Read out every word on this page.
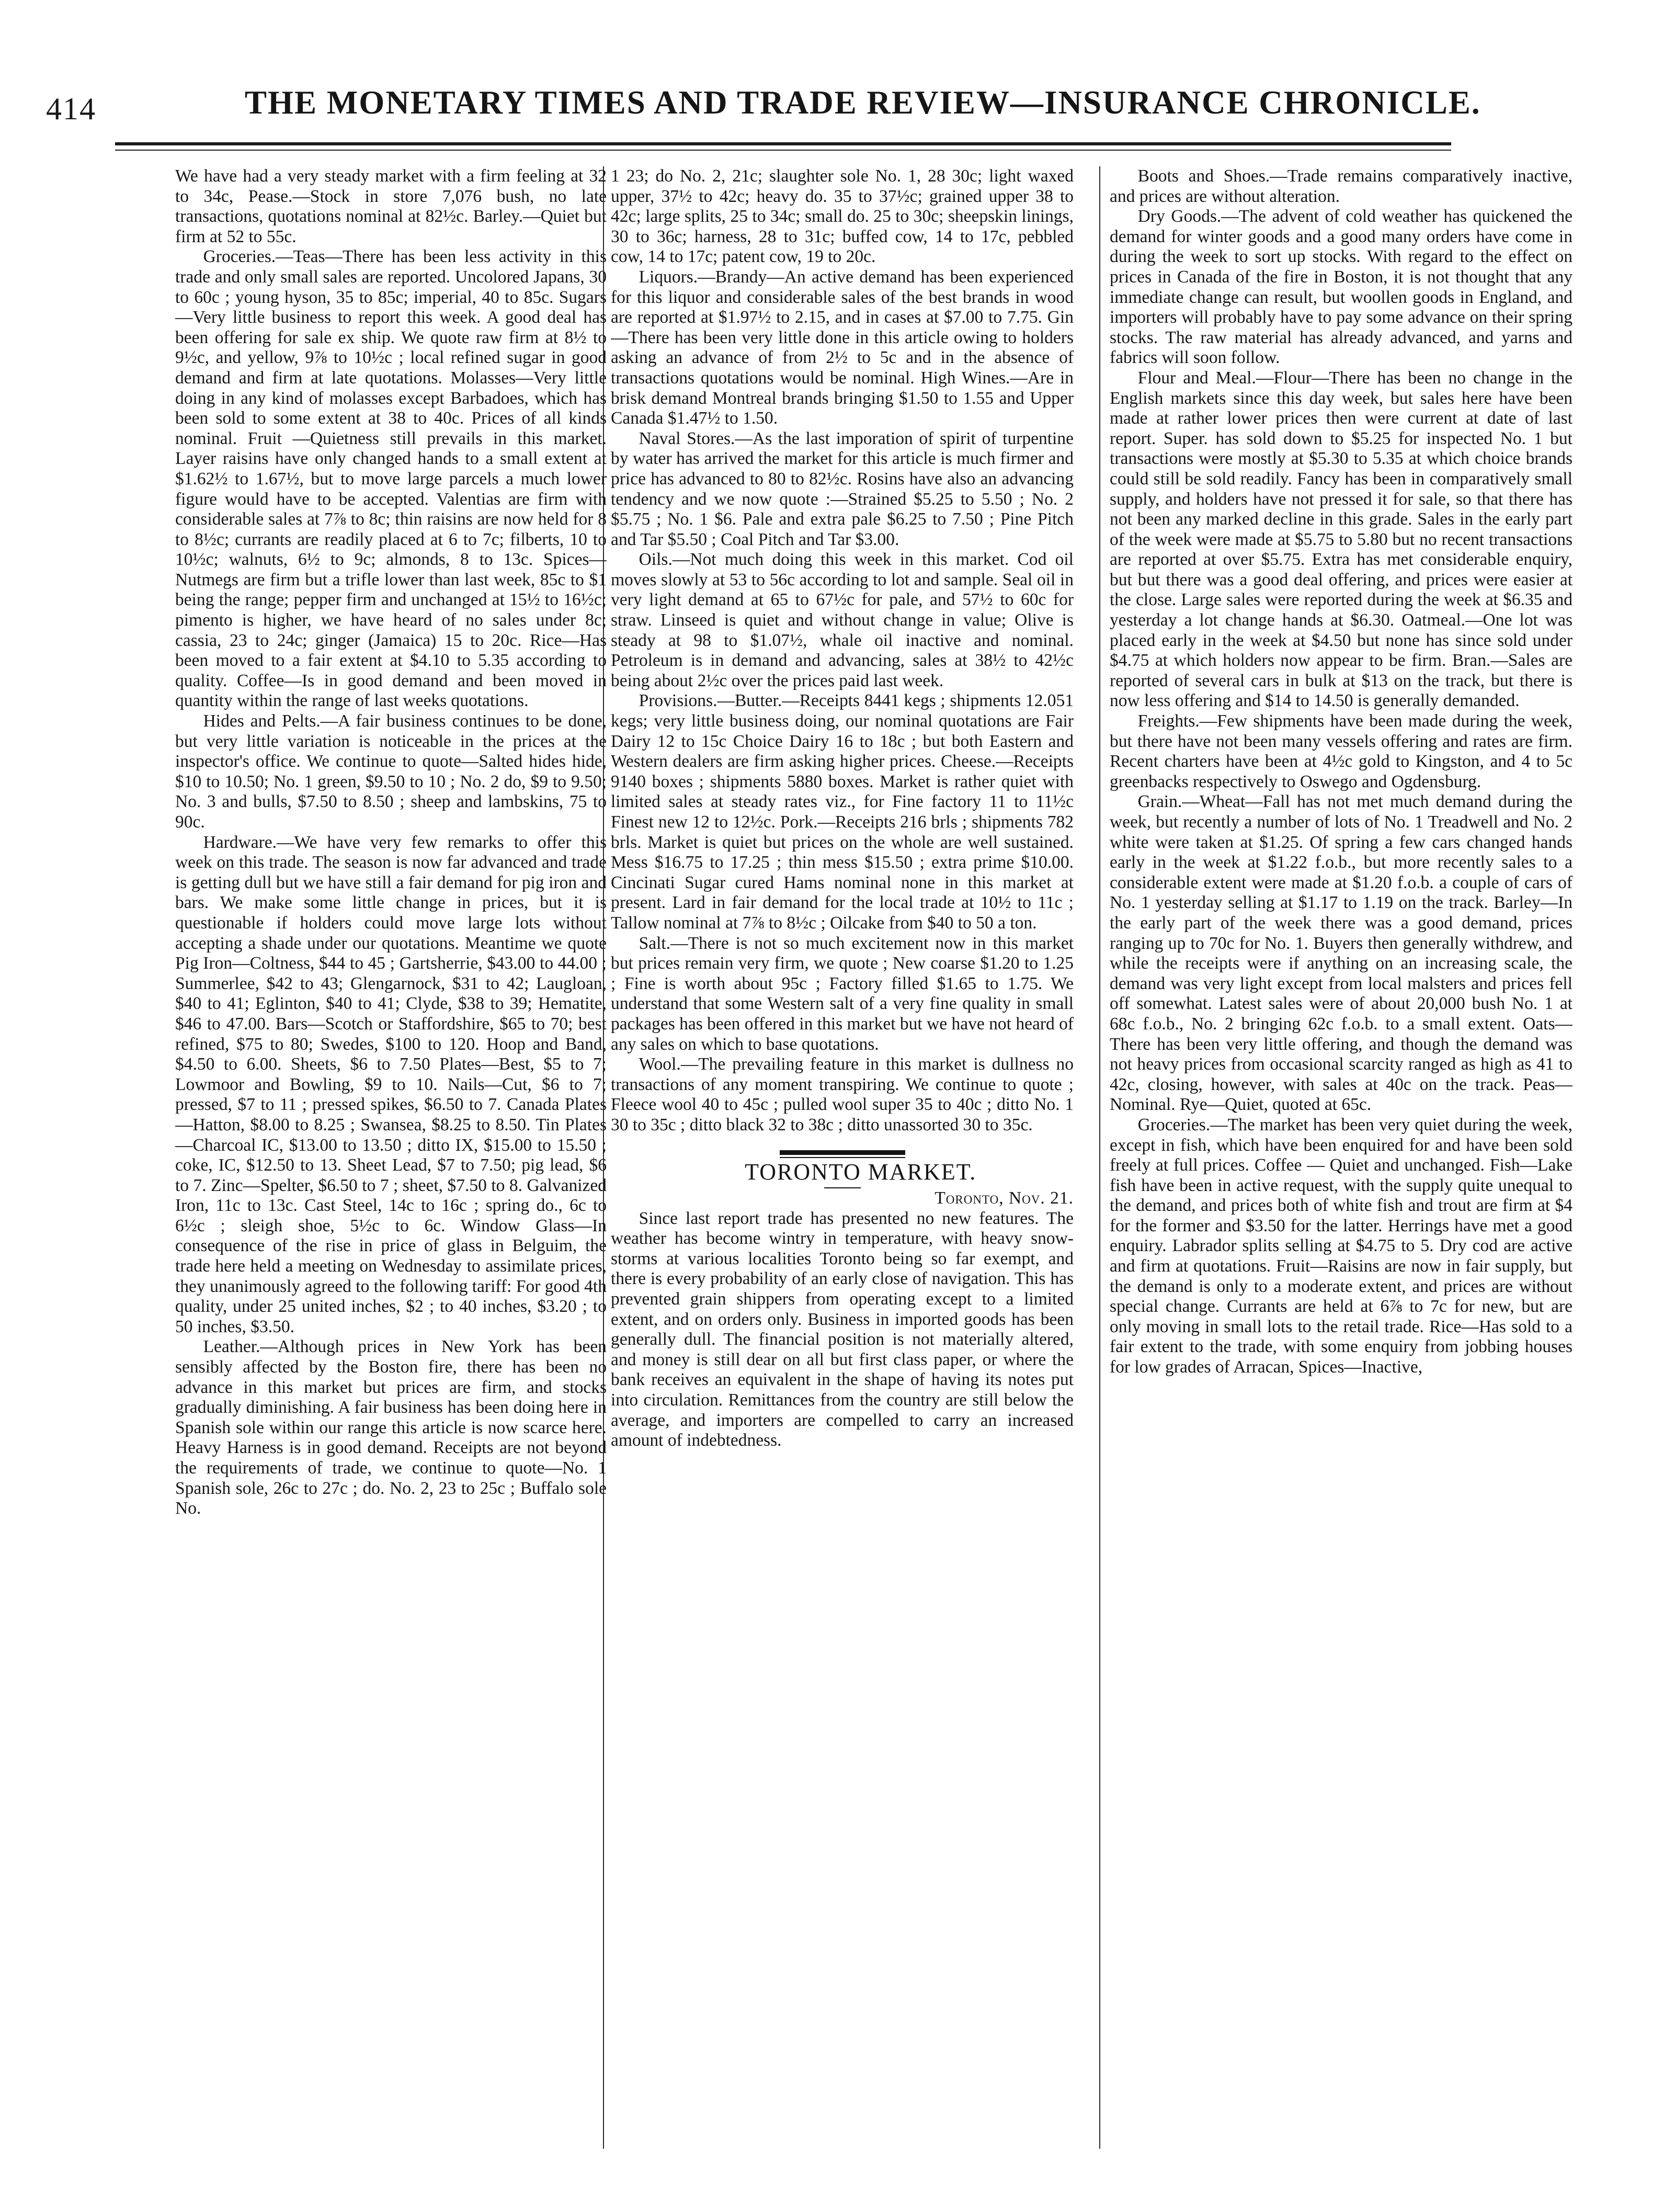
414	THE MONETARY TIMES AND TRADE REVIEW—INSURANCE CHRONICLE.

We have had a very steady market with a firm feeling at 32 to 34c, Pease.—Stock in store 7,076 bush, no late transactions, quotations nominal at 82½c. Barley.—Quiet but firm at 52 to 55c.

Groceries.—Teas—There has been less activity in this trade and only small sales are reported. Uncolored Japans, 30 to 60c ; young hyson, 35 to 85c; imperial, 40 to 85c. Sugars —Very little business to report this week. A good deal has been offering for sale ex ship. We quote raw firm at 8½ to 9½c, and yellow, 9⅞ to 10½c ; local refined sugar in good demand and firm at late quotations. Molasses—Very little doing in any kind of molasses except Barbadoes, which has been sold to some extent at 38 to 40c. Prices of all kinds nominal. Fruit —Quietness still prevails in this market. Layer raisins have only changed hands to a small extent at $1.62½ to 1.67½, but to move large parcels a much lower figure would have to be accepted. Valentias are firm with considerable sales at 7⅞ to 8c; thin raisins are now held for 8 to 8½c; currants are readily placed at 6 to 7c; filberts, 10 to 10½c; walnuts, 6½ to 9c; almonds, 8 to 13c. Spices—Nutmegs are firm but a trifle lower than last week, 85c to $1 being the range; pepper firm and unchanged at 15½ to 16½c; pimento is higher, we have heard of no sales under 8c; cassia, 23 to 24c; ginger (Jamaica) 15 to 20c. Rice—Has been moved to a fair extent at $4.10 to 5.35 according to quality. Coffee—Is in good demand and been moved in quantity within the range of last weeks quotations.

Hides and Pelts.—A fair business continues to be done, but very little variation is noticeable in the prices at the inspector's office. We continue to quote—Salted hides hide, $10 to 10.50; No. 1 green, $9.50 to 10 ; No. 2 do, $9 to 9.50; No. 3 and bulls, $7.50 to 8.50 ; sheep and lambskins, 75 to 90c.

Hardware.—We have very few remarks to offer this week on this trade. The season is now far advanced and trade is getting dull but we have still a fair demand for pig iron and bars. We make some little change in prices, but it is questionable if holders could move large lots without accepting a shade under our quotations. Meantime we quote Pig Iron—Coltness, $44 to 45 ; Gartsherrie, $43.00 to 44.00 ; Summerlee, $42 to 43; Glengarnock, $31 to 42; Laugloan, $40 to 41; Eglinton, $40 to 41; Clyde, $38 to 39; Hematite, $46 to 47.00. Bars—Scotch or Staffordshire, $65 to 70; best refined, $75 to 80; Swedes, $100 to 120. Hoop and Band, $4.50 to 6.00. Sheets, $6 to 7.50 Plates—Best, $5 to 7; Lowmoor and Bowling, $9 to 10. Nails—Cut, $6 to 7; pressed, $7 to 11 ; pressed spikes, $6.50 to 7. Canada Plates—Hatton, $8.00 to 8.25 ; Swansea, $8.25 to 8.50. Tin Plates—Charcoal IC, $13.00 to 13.50 ; ditto IX, $15.00 to 15.50 ; coke, IC, $12.50 to 13. Sheet Lead, $7 to 7.50; pig lead, $6 to 7. Zinc—Spelter, $6.50 to 7 ; sheet, $7.50 to 8. Galvanized Iron, 11c to 13c. Cast Steel, 14c to 16c ; spring do., 6c to 6½c ; sleigh shoe, 5½c to 6c. Window Glass—In consequence of the rise in price of glass in Belguim, the trade here held a meeting on Wednesday to assimilate prices, they unanimously agreed to the following tariff: For good 4th quality, under 25 united inches, $2 ; to 40 inches, $3.20 ; to 50 inches, $3.50.

Leather.—Although prices in New York has been sensibly affected by the Boston fire, there has been no advance in this market but prices are firm, and stocks gradually diminishing. A fair business has been doing here in Spanish sole within our range this article is now scarce here. Heavy Harness is in good demand. Receipts are not beyond the requirements of trade, we continue to quote—No. 1 Spanish sole, 26c to 27c ; do. No. 2, 23 to 25c ; Buffalo sole No.

1 23; do No. 2, 21c; slaughter sole No. 1, 28 30c; light waxed upper, 37½ to 42c; heavy do. 35 to 37½c; grained upper 38 to 42c; large splits, 25 to 34c; small do. 25 to 30c; sheepskin linings, 30 to 36c; harness, 28 to 31c; buffed cow, 14 to 17c, pebbled cow, 14 to 17c; patent cow, 19 to 20c.

Liquors.—Brandy—An active demand has been experienced for this liquor and considerable sales of the best brands in wood are reported at $1.97½ to 2.15, and in cases at $7.00 to 7.75. Gin—There has been very little done in this article owing to holders asking an advance of from 2½ to 5c and in the absence of transactions quotations would be nominal. High Wines.—Are in brisk demand Montreal brands bringing $1.50 to 1.55 and Upper Canada $1.47½ to 1.50.

Naval Stores.—As the last imporation of spirit of turpentine by water has arrived the market for this article is much firmer and price has advanced to 80 to 82½c. Rosins have also an advancing tendency and we now quote :—Strained $5.25 to 5.50 ; No. 2 $5.75 ; No. 1 $6. Pale and extra pale $6.25 to 7.50 ; Pine Pitch and Tar $5.50 ; Coal Pitch and Tar $3.00.

Oils.—Not much doing this week in this market. Cod oil moves slowly at 53 to 56c according to lot and sample. Seal oil in very light demand at 65 to 67½c for pale, and 57½ to 60c for straw. Linseed is quiet and without change in value; Olive is steady at 98 to $1.07½, whale oil inactive and nominal. Petroleum is in demand and advancing, sales at 38½ to 42½c being about 2½c over the prices paid last week.

Provisions.—Butter.—Receipts 8441 kegs ; shipments 12.051 kegs; very little business doing, our nominal quotations are Fair Dairy 12 to 15c Choice Dairy 16 to 18c ; but both Eastern and Western dealers are firm asking higher prices. Cheese.—Receipts 9140 boxes ; shipments 5880 boxes. Market is rather quiet with limited sales at steady rates viz., for Fine factory 11 to 11½c Finest new 12 to 12½c. Pork.—Receipts 216 brls ; shipments 782 brls. Market is quiet but prices on the whole are well sustained. Mess $16.75 to 17.25 ; thin mess $15.50 ; extra prime $10.00. Cincinati Sugar cured Hams nominal none in this market at present. Lard in fair demand for the local trade at 10½ to 11c ; Tallow nominal at 7⅞ to 8½c ; Oilcake from $40 to 50 a ton.

Salt.—There is not so much excitement now in this market but prices remain very firm, we quote ; New coarse $1.20 to 1.25 ; Fine is worth about 95c ; Factory filled $1.65 to 1.75. We understand that some Western salt of a very fine quality in small packages has been offered in this market but we have not heard of any sales on which to base quotations.

Wool.—The prevailing feature in this market is dullness no transactions of any moment transpiring. We continue to quote ; Fleece wool 40 to 45c ; pulled wool super 35 to 40c ; ditto No. 1 30 to 35c ; ditto black 32 to 38c ; ditto unassorted 30 to 35c.

TORONTO MARKET.

Toronto, Nov. 21.

Since last report trade has presented no new features. The weather has become wintry in temperature, with heavy snow-storms at various localities Toronto being so far exempt, and there is every probability of an early close of navigation. This has prevented grain shippers from operating except to a limited extent, and on orders only. Business in imported goods has been generally dull. The financial position is not materially altered, and money is still dear on all but first class paper, or where the bank receives an equivalent in the shape of having its notes put into circulation. Remittances from the country are still below the average, and importers are compelled to carry an increased amount of indebtedness.

Boots and Shoes.—Trade remains comparatively inactive, and prices are without alteration.

Dry Goods.—The advent of cold weather has quickened the demand for winter goods and a good many orders have come in during the week to sort up stocks. With regard to the effect on prices in Canada of the fire in Boston, it is not thought that any immediate change can result, but woollen goods in England, and importers will probably have to pay some advance on their spring stocks. The raw material has already advanced, and yarns and fabrics will soon follow.

Flour and Meal.—Flour—There has been no change in the English markets since this day week, but sales here have been made at rather lower prices then were current at date of last report. Super. has sold down to $5.25 for inspected No. 1 but transactions were mostly at $5.30 to 5.35 at which choice brands could still be sold readily. Fancy has been in comparatively small supply, and holders have not pressed it for sale, so that there has not been any marked decline in this grade. Sales in the early part of the week were made at $5.75 to 5.80 but no recent transactions are reported at over $5.75. Extra has met considerable enquiry, but but there was a good deal offering, and prices were easier at the close. Large sales were reported during the week at $6.35 and yesterday a lot change hands at $6.30. Oatmeal.—One lot was placed early in the week at $4.50 but none has since sold under $4.75 at which holders now appear to be firm. Bran.—Sales are reported of several cars in bulk at $13 on the track, but there is now less offering and $14 to 14.50 is generally demanded.

Freights.—Few shipments have been made during the week, but there have not been many vessels offering and rates are firm. Recent charters have been at 4½c gold to Kingston, and 4 to 5c greenbacks respectively to Oswego and Ogdensburg.

Grain.—Wheat—Fall has not met much demand during the week, but recently a number of lots of No. 1 Treadwell and No. 2 white were taken at $1.25. Of spring a few cars changed hands early in the week at $1.22 f.o.b., but more recently sales to a considerable extent were made at $1.20 f.o.b. a couple of cars of No. 1 yesterday selling at $1.17 to 1.19 on the track. Barley—In the early part of the week there was a good demand, prices ranging up to 70c for No. 1. Buyers then generally withdrew, and while the receipts were if anything on an increasing scale, the demand was very light except from local malsters and prices fell off somewhat. Latest sales were of about 20,000 bush No. 1 at 68c f.o.b., No. 2 bringing 62c f.o.b. to a small extent. Oats—There has been very little offering, and though the demand was not heavy prices from occasional scarcity ranged as high as 41 to 42c, closing, however, with sales at 40c on the track. Peas—Nominal. Rye—Quiet, quoted at 65c.

Groceries.—The market has been very quiet during the week, except in fish, which have been enquired for and have been sold freely at full prices. Coffee — Quiet and unchanged. Fish—Lake fish have been in active request, with the supply quite unequal to the demand, and prices both of white fish and trout are firm at $4 for the former and $3.50 for the latter. Herrings have met a good enquiry. Labrador splits selling at $4.75 to 5. Dry cod are active and firm at quotations. Fruit—Raisins are now in fair supply, but the demand is only to a moderate extent, and prices are without special change. Currants are held at 6⅞ to 7c for new, but are only moving in small lots to the retail trade. Rice—Has sold to a fair extent to the trade, with some enquiry from jobbing houses for low grades of Arracan, Spices—Inactive,
